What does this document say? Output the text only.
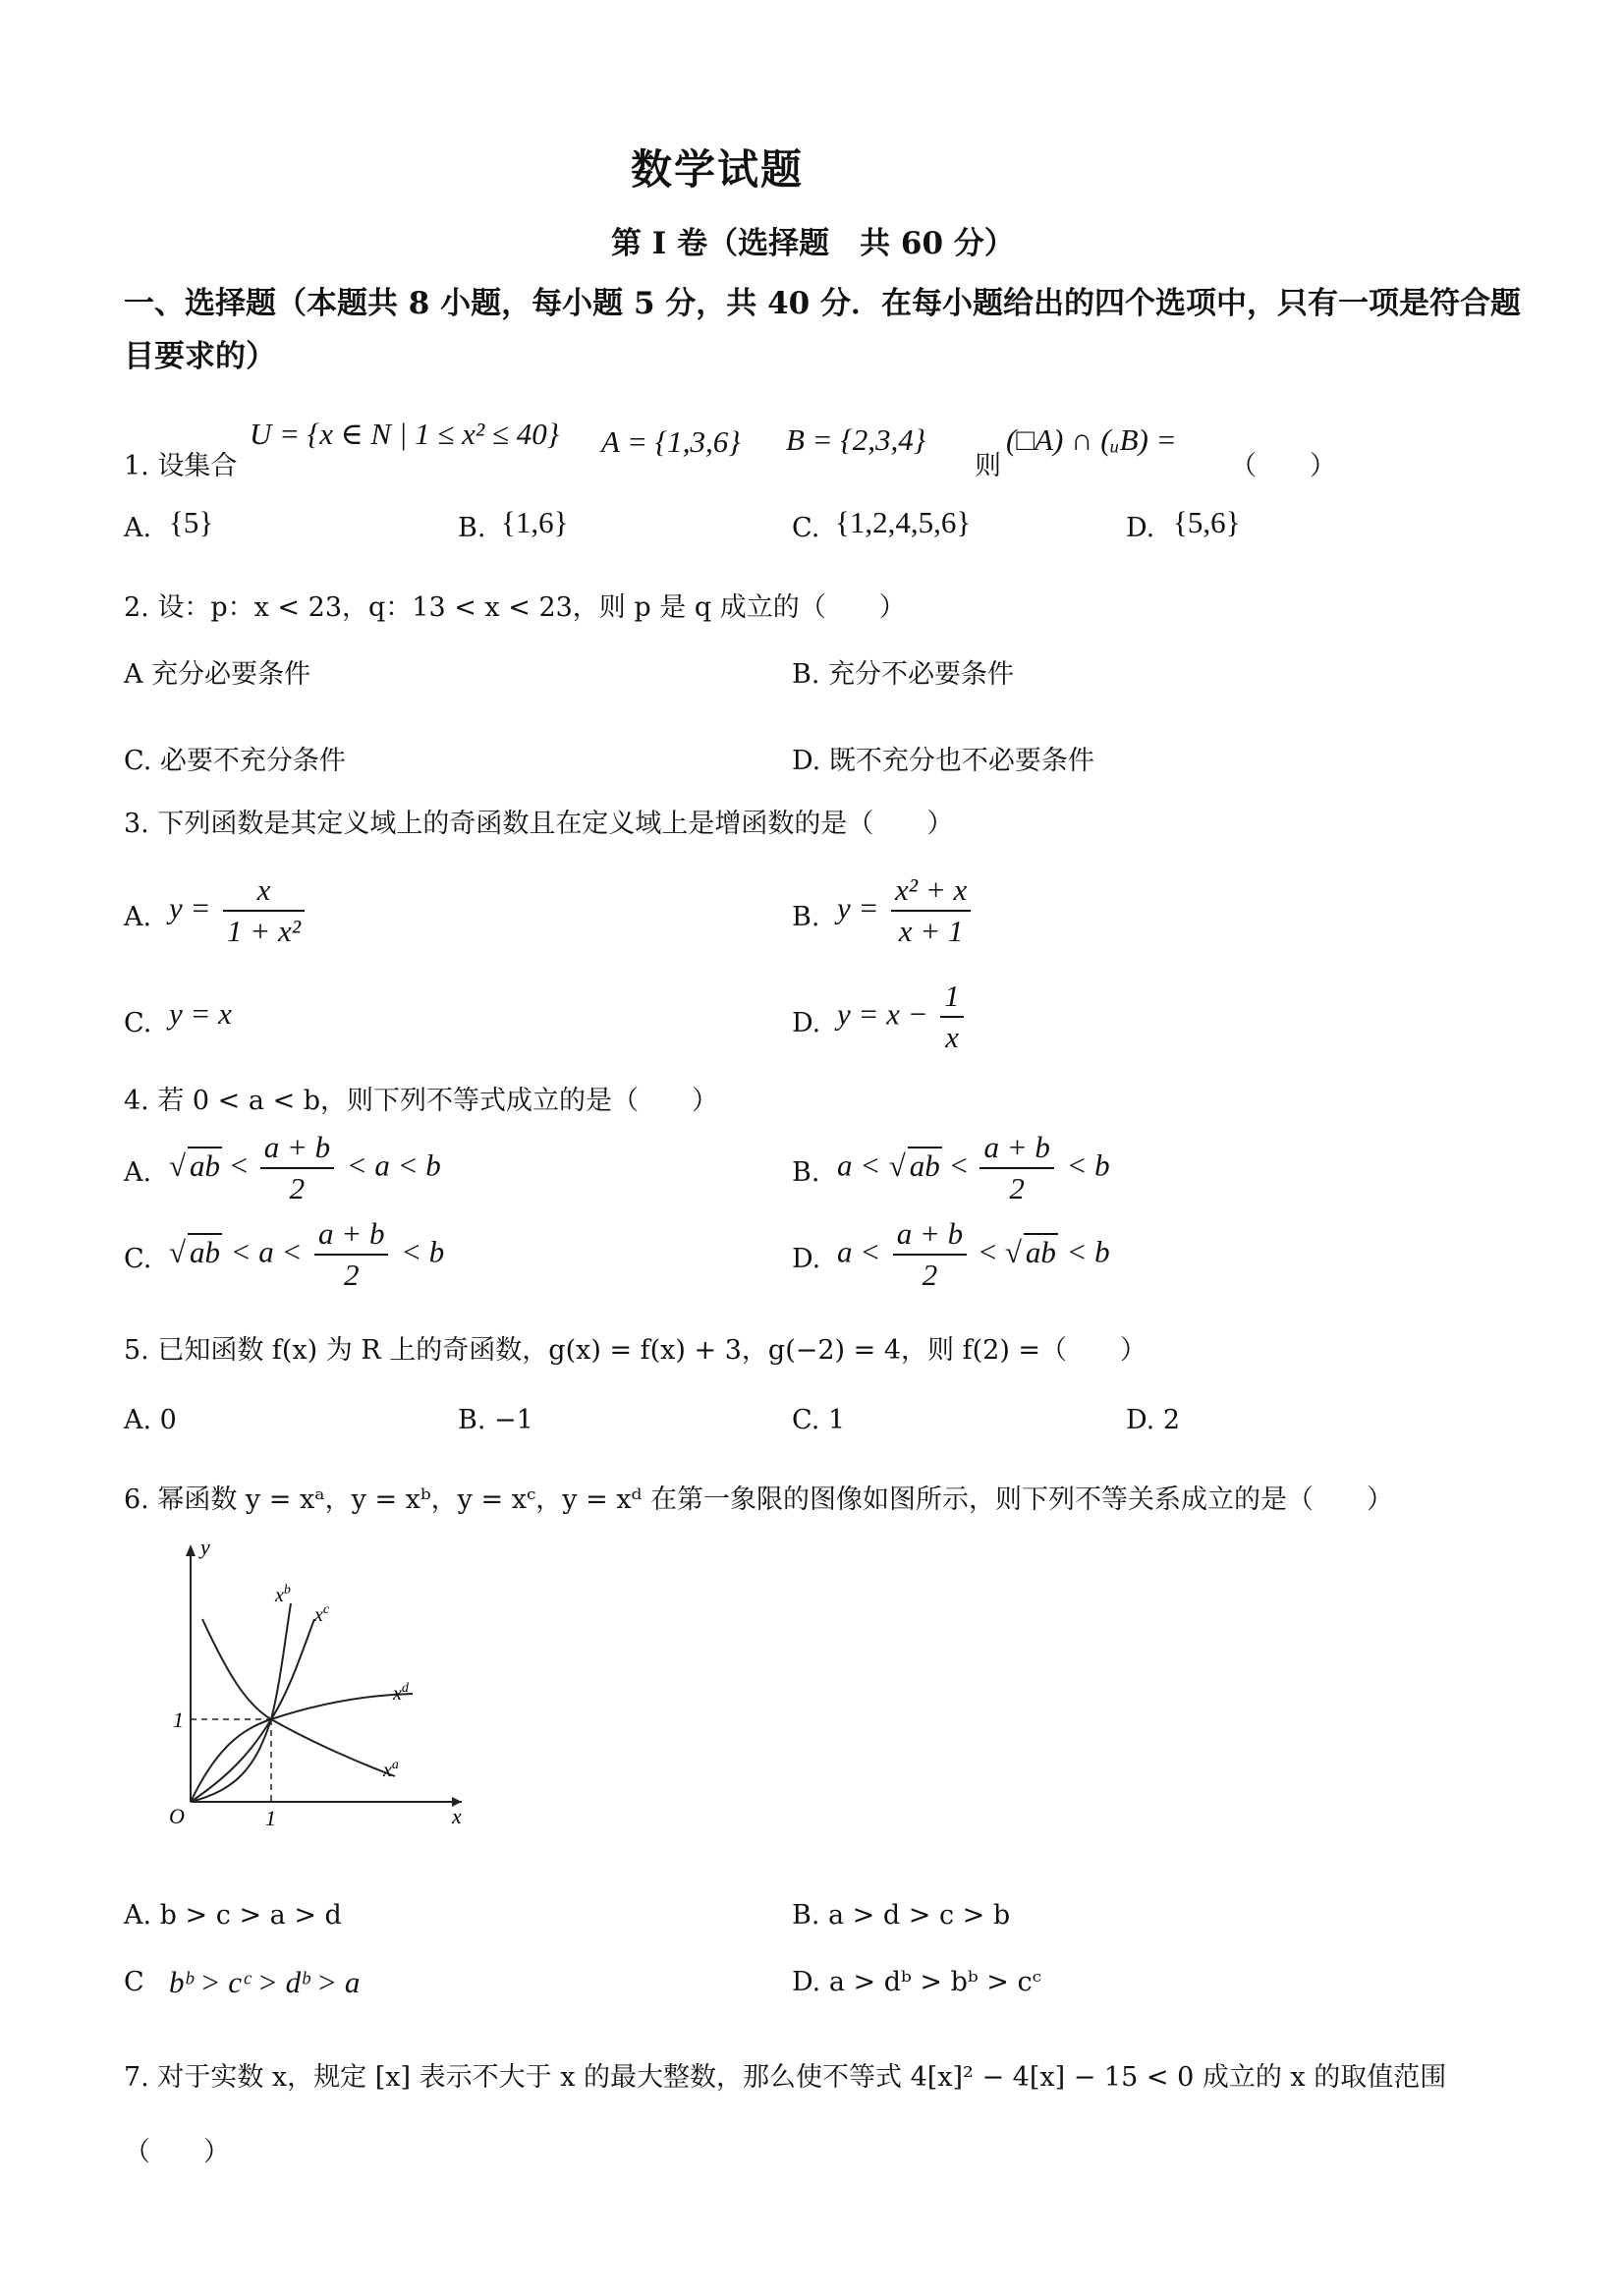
数学试题
第 I 卷（选择题　共 60 分）
一、选择题（本题共 8 小题，每小题 5 分，共 40 分．在每小题给出的四个选项中，只有一项是符合题目要求的）
1. 设集合
U = {x ∈ N | 1 ≤ x² ≤ 40} A = {1,3,6} B = {2,3,4}
则
(□A) ∩ (ᵤB) =
（　　）
A. {5}	B. {1,6}	C. {1,2,4,5,6}	D. {5,6}
2. 设：p：x < 23，q：13 < x < 23，则 p 是 q 成立的（　　）
A 充分必要条件	B. 充分不必要条件
C. 必要不充分条件	D. 既不充分也不必要条件
3. 下列函数是其定义域上的奇函数且在定义域上是增函数的是（　　）
A. $y = \frac{x}{\text{1 + x²}}$	B. $y = \frac{\text{x² + x}}{x + 1}$
C. y = x	D. $y = x - \frac{1}{x}$
4. 若 0 < a < b，则下列不等式成立的是（　　）
A. √ ab < $\frac{a + b}{2} < a < b$	B. a < √ ab < $\frac{a + b}{2} < b$
C. √ ab < $a < \frac{a + b}{2} < b$	D. $a < \frac{a + b}{2}$ < √ ab < b
5. 已知函数 f(x) 为 R 上的奇函数，g(x) = f(x) + 3，g(−2) = 4，则 f(2) =（　　）
A. 0	B. −1	C. 1	D. 2
6. 幂函数 y = xᵃ，y = xᵇ，y = xᶜ，y = xᵈ 在第一象限的图像如图所示，则下列不等关系成立的是（　　）
y
x
O	1
1
$x^b$
$x^c$
$x^d$
$x^a$
A. b > c > a > d	B. a > d > c > b
C bᵇ > cᶜ > dᵇ > a	D. a > dᵇ > bᵇ > cᶜ
7. 对于实数 x，规定 [x] 表示不大于 x 的最大整数，那么使不等式 4[x]² − 4[x] − 15 < 0 成立的 x 的取值范围
（　　）
